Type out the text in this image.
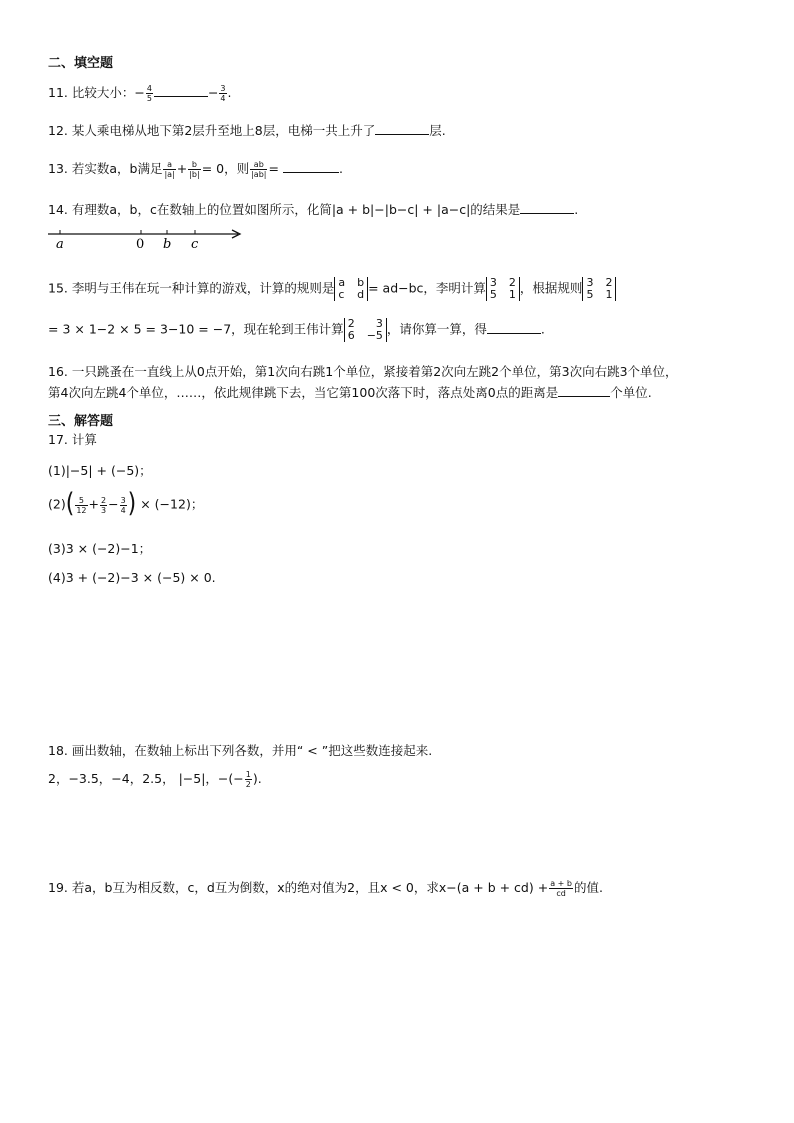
二、填空题
11. 比较大小：− $\frac{4}{5}$	− $\frac{3}{4}$ .
12. 某人乘电梯从地下第2层升至地上8层，电梯一共上升了	层.
13. 若实数a，b满足 $\frac{a}{|a|} + \frac{b}{|b|} = 0$，则 $\frac{ab}{|ab|}$ =	.
14. 有理数a，b，c在数轴上的位置如图所示，化简|a + b|−|b−c| + |a−c|的结果是	.
a	0 b c
15. 李明与王伟在玩一种计算的游戏，计算的规则是 a b
c d = ad−bc，李明计算 3 2
5 1 ，根据规则 3 2
5 1
= 3 × 1−2 × 5 = 3−10 = −7，现在轮到王伟计算 2 3
6 −5 ，请你算一算，得	.
16. 一只跳蚤在一直线上从0点开始，第1次向右跳1个单位，紧接着第2次向左跳2个单位，第3次向右跳3个单位，
第4次向左跳4个单位，……，依此规律跳下去，当它第100次落下时，落点处离0点的距离是	个单位.
三、解答题
17. 计算
(1)|−5| + (−5)；
$(2)( \frac{5}{12} + \frac{2}{3} - \frac{3}{4}$ ) × (−12)；
(3)3 × (−2)−1；
(4)3 + (−2)−3 × (−5) × 0.
18. 画出数轴，在数轴上标出下列各数，并用“ < ”把这些数连接起来.
2，−3.5，−4，2.5， |−5|，−(− $\frac{1}{2}$ ).
19. 若a，b互为相反数，c，d互为倒数，x的绝对值为2，且x < 0，求$x-(a + b + cd) + \frac{a + b}{cd}$ 的值.
